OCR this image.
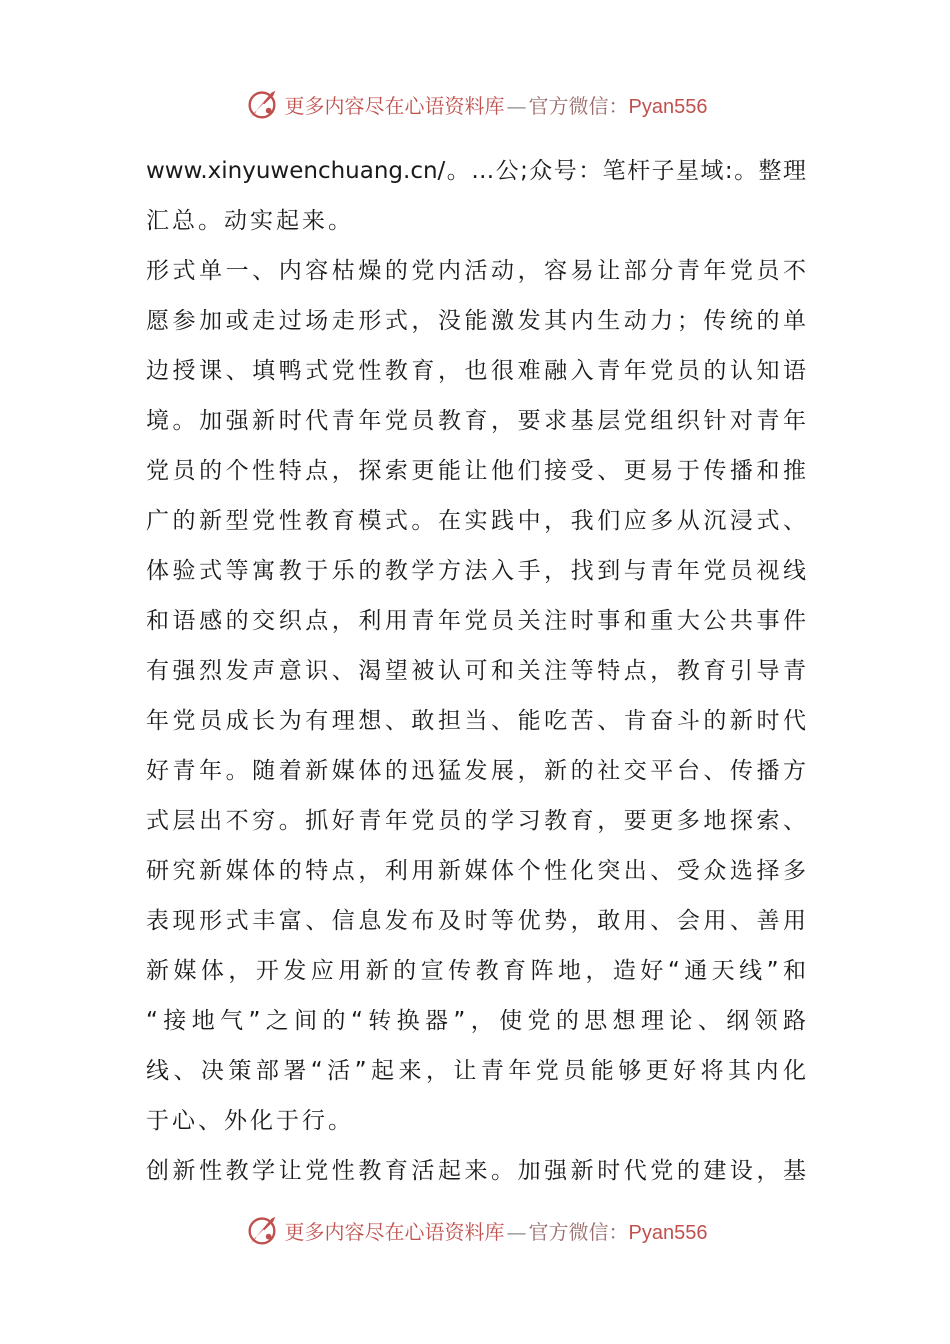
更多内容尽在心语资料库 — 官方微信：Pyan556
www.xinyuwenchuang.cn/。…公;众号：笔杆子星域:。整理
汇总。动实起来。
形式单一、内容枯燥的党内活动，容易让部分青年党员不
愿参加或走过场走形式，没能激发其内生动力；传统的单
边授课、填鸭式党性教育，也很难融入青年党员的认知语
境。加强新时代青年党员教育，要求基层党组织针对青年
党员的个性特点，探索更能让他们接受、更易于传播和推
广的新型党性教育模式。在实践中，我们应多从沉浸式、
体验式等寓教于乐的教学方法入手，找到与青年党员视线
和语感的交织点，利用青年党员关注时事和重大公共事件
有强烈发声意识、渴望被认可和关注等特点，教育引导青
年党员成长为有理想、敢担当、能吃苦、肯奋斗的新时代
好青年。随着新媒体的迅猛发展，新的社交平台、传播方
式层出不穷。抓好青年党员的学习教育，要更多地探索、
研究新媒体的特点，利用新媒体个性化突出、受众选择多
表现形式丰富、信息发布及时等优势，敢用、会用、善用
新媒体，开发应用新的宣传教育阵地，造好“通天线”和
“接地气”之间的“转换器”，使党的思想理论、纲领路
线、决策部署“活”起来，让青年党员能够更好将其内化
于心、外化于行。
创新性教学让党性教育活起来。加强新时代党的建设，基
更多内容尽在心语资料库 — 官方微信：Pyan556
